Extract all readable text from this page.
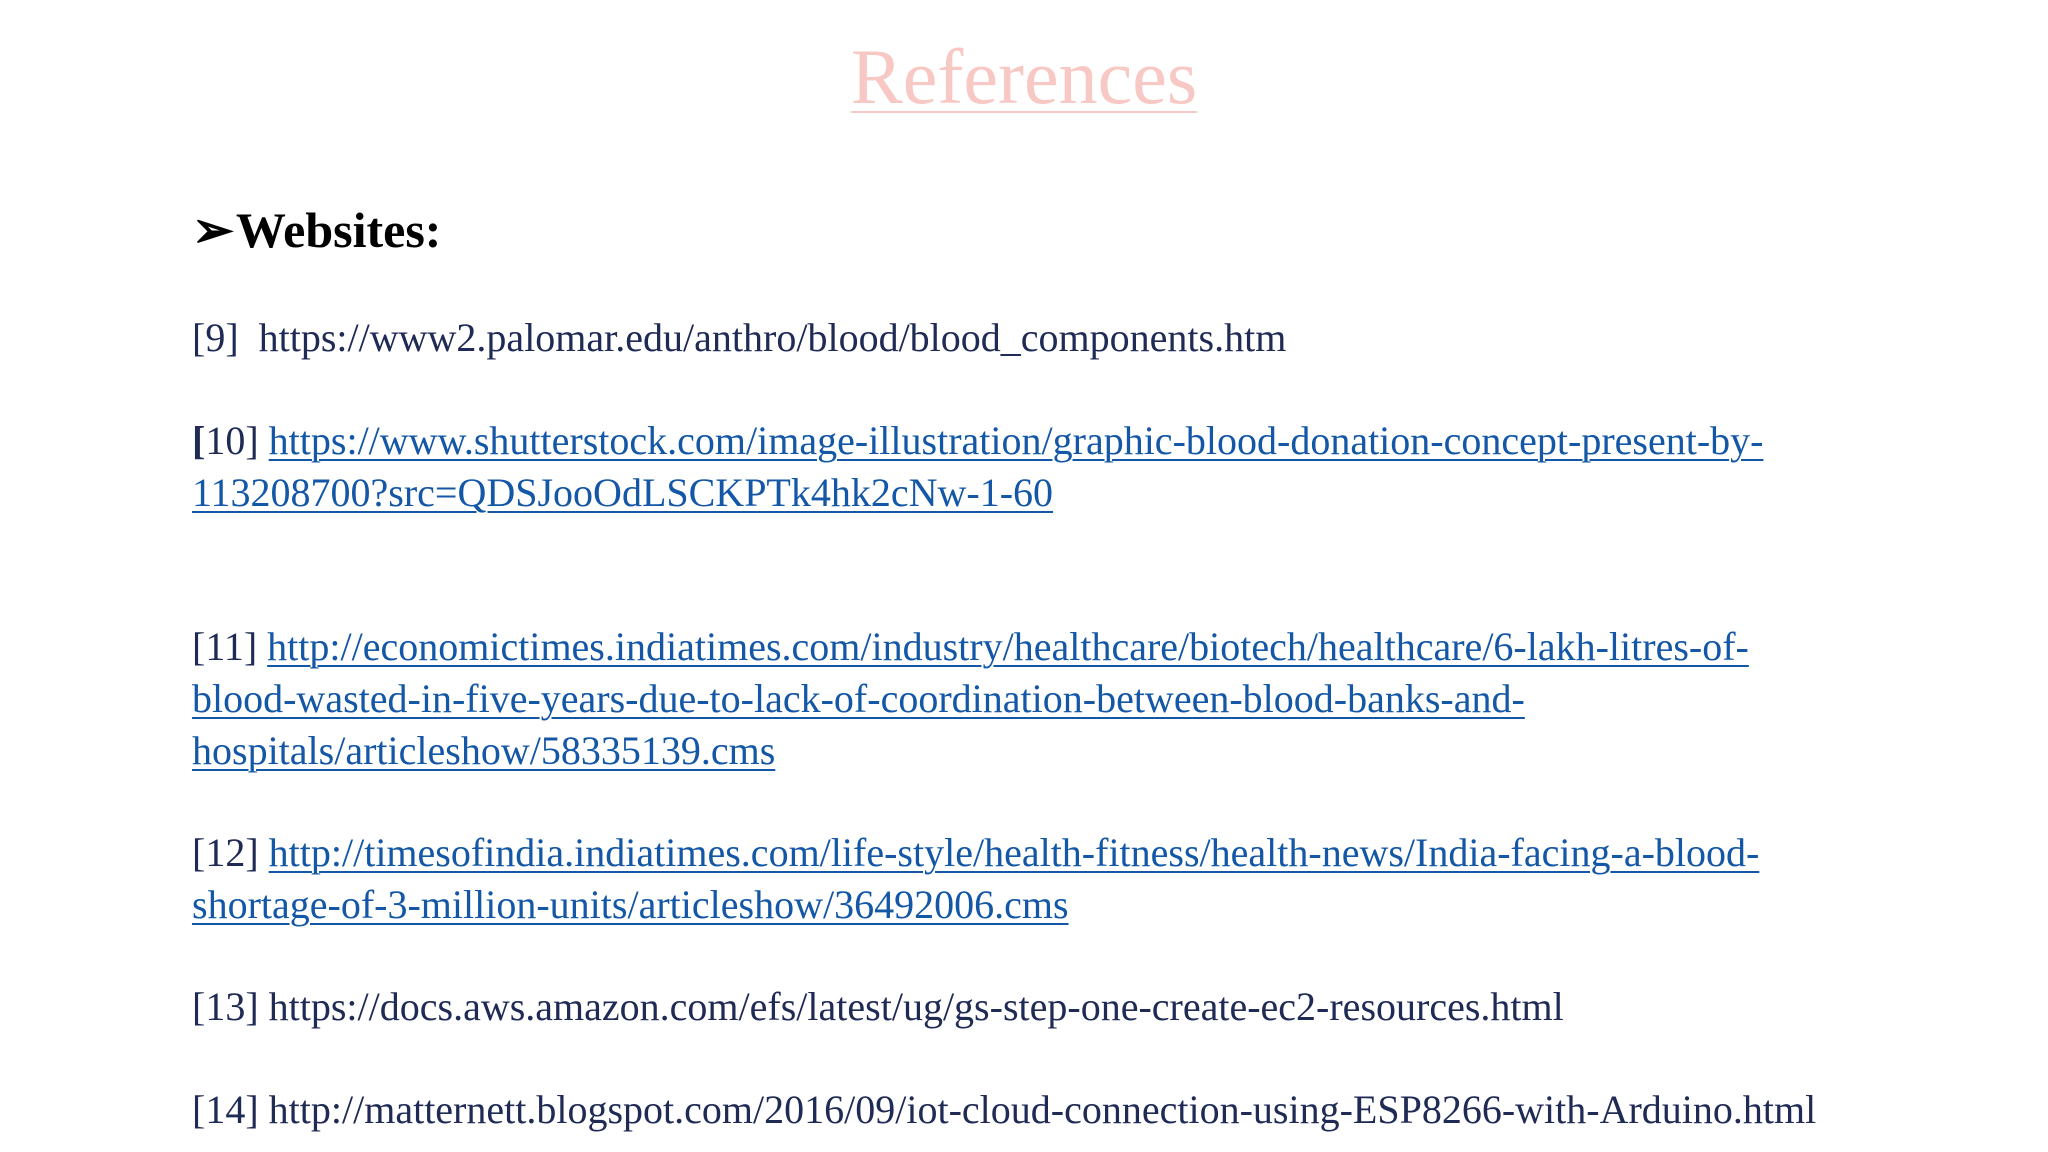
References
➢Websites:
[9] https://www2.palomar.edu/anthro/blood/blood_components.htm
[10] https://www.shutterstock.com/image-illustration/graphic-blood-donation-concept-present-by-
113208700?src=QDSJooOdLSCKPTk4hk2cNw-1-60
[11] http://economictimes.indiatimes.com/industry/healthcare/biotech/healthcare/6-lakh-litres-of-
blood-wasted-in-five-years-due-to-lack-of-coordination-between-blood-banks-and-
hospitals/articleshow/58335139.cms
[12] http://timesofindia.indiatimes.com/life-style/health-fitness/health-news/India-facing-a-blood-
shortage-of-3-million-units/articleshow/36492006.cms
[13] https://docs.aws.amazon.com/efs/latest/ug/gs-step-one-create-ec2-resources.html
[14] http://matternett.blogspot.com/2016/09/iot-cloud-connection-using-ESP8266-with-Arduino.html
